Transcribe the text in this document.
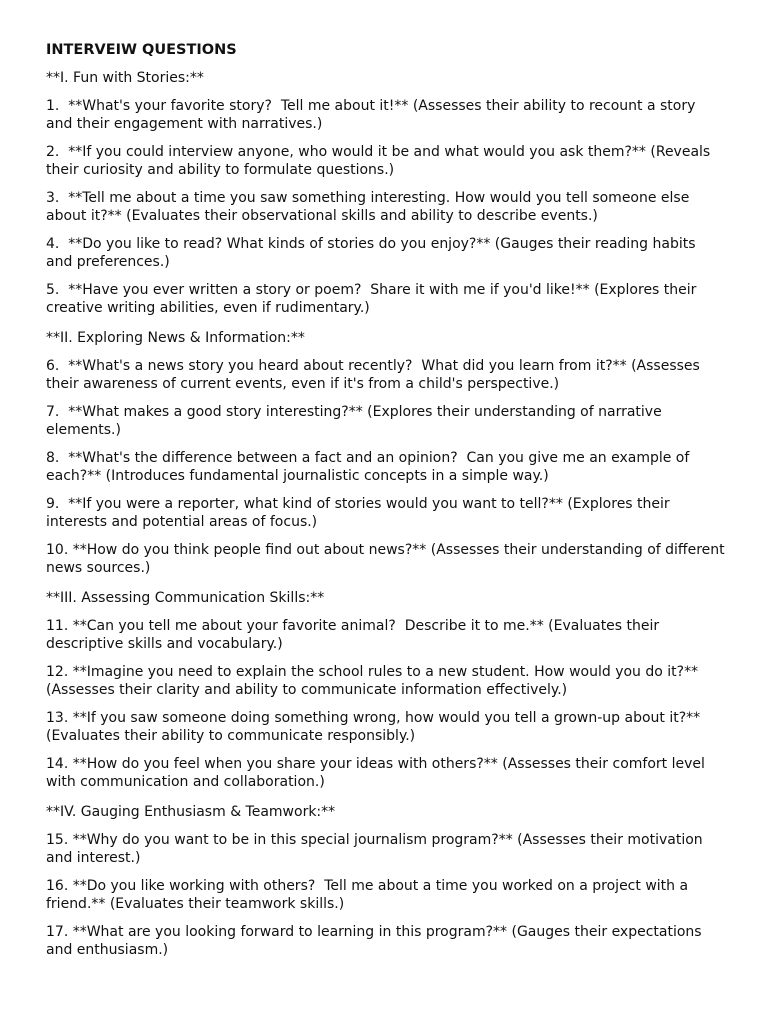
INTERVEIW QUESTIONS
**I. Fun with Stories:**
1.  **What's your favorite story?  Tell me about it!** (Assesses their ability to recount a story and their engagement with narratives.)
2.  **If you could interview anyone, who would it be and what would you ask them?** (Reveals their curiosity and ability to formulate questions.)
3.  **Tell me about a time you saw something interesting. How would you tell someone else about it?** (Evaluates their observational skills and ability to describe events.)
4.  **Do you like to read? What kinds of stories do you enjoy?** (Gauges their reading habits and preferences.)
5.  **Have you ever written a story or poem?  Share it with me if you'd like!** (Explores their creative writing abilities, even if rudimentary.)
**II. Exploring News & Information:**
6.  **What's a news story you heard about recently?  What did you learn from it?** (Assesses their awareness of current events, even if it's from a child's perspective.)
7.  **What makes a good story interesting?** (Explores their understanding of narrative elements.)
8.  **What's the difference between a fact and an opinion?  Can you give me an example of each?** (Introduces fundamental journalistic concepts in a simple way.)
9.  **If you were a reporter, what kind of stories would you want to tell?** (Explores their interests and potential areas of focus.)
10. **How do you think people find out about news?** (Assesses their understanding of different news sources.)
**III. Assessing Communication Skills:**
11. **Can you tell me about your favorite animal?  Describe it to me.** (Evaluates their descriptive skills and vocabulary.)
12. **Imagine you need to explain the school rules to a new student. How would you do it?** (Assesses their clarity and ability to communicate information effectively.)
13. **If you saw someone doing something wrong, how would you tell a grown-up about it?** (Evaluates their ability to communicate responsibly.)
14. **How do you feel when you share your ideas with others?** (Assesses their comfort level with communication and collaboration.)
**IV. Gauging Enthusiasm & Teamwork:**
15. **Why do you want to be in this special journalism program?** (Assesses their motivation and interest.)
16. **Do you like working with others?  Tell me about a time you worked on a project with a friend.** (Evaluates their teamwork skills.)
17. **What are you looking forward to learning in this program?** (Gauges their expectations and enthusiasm.)
